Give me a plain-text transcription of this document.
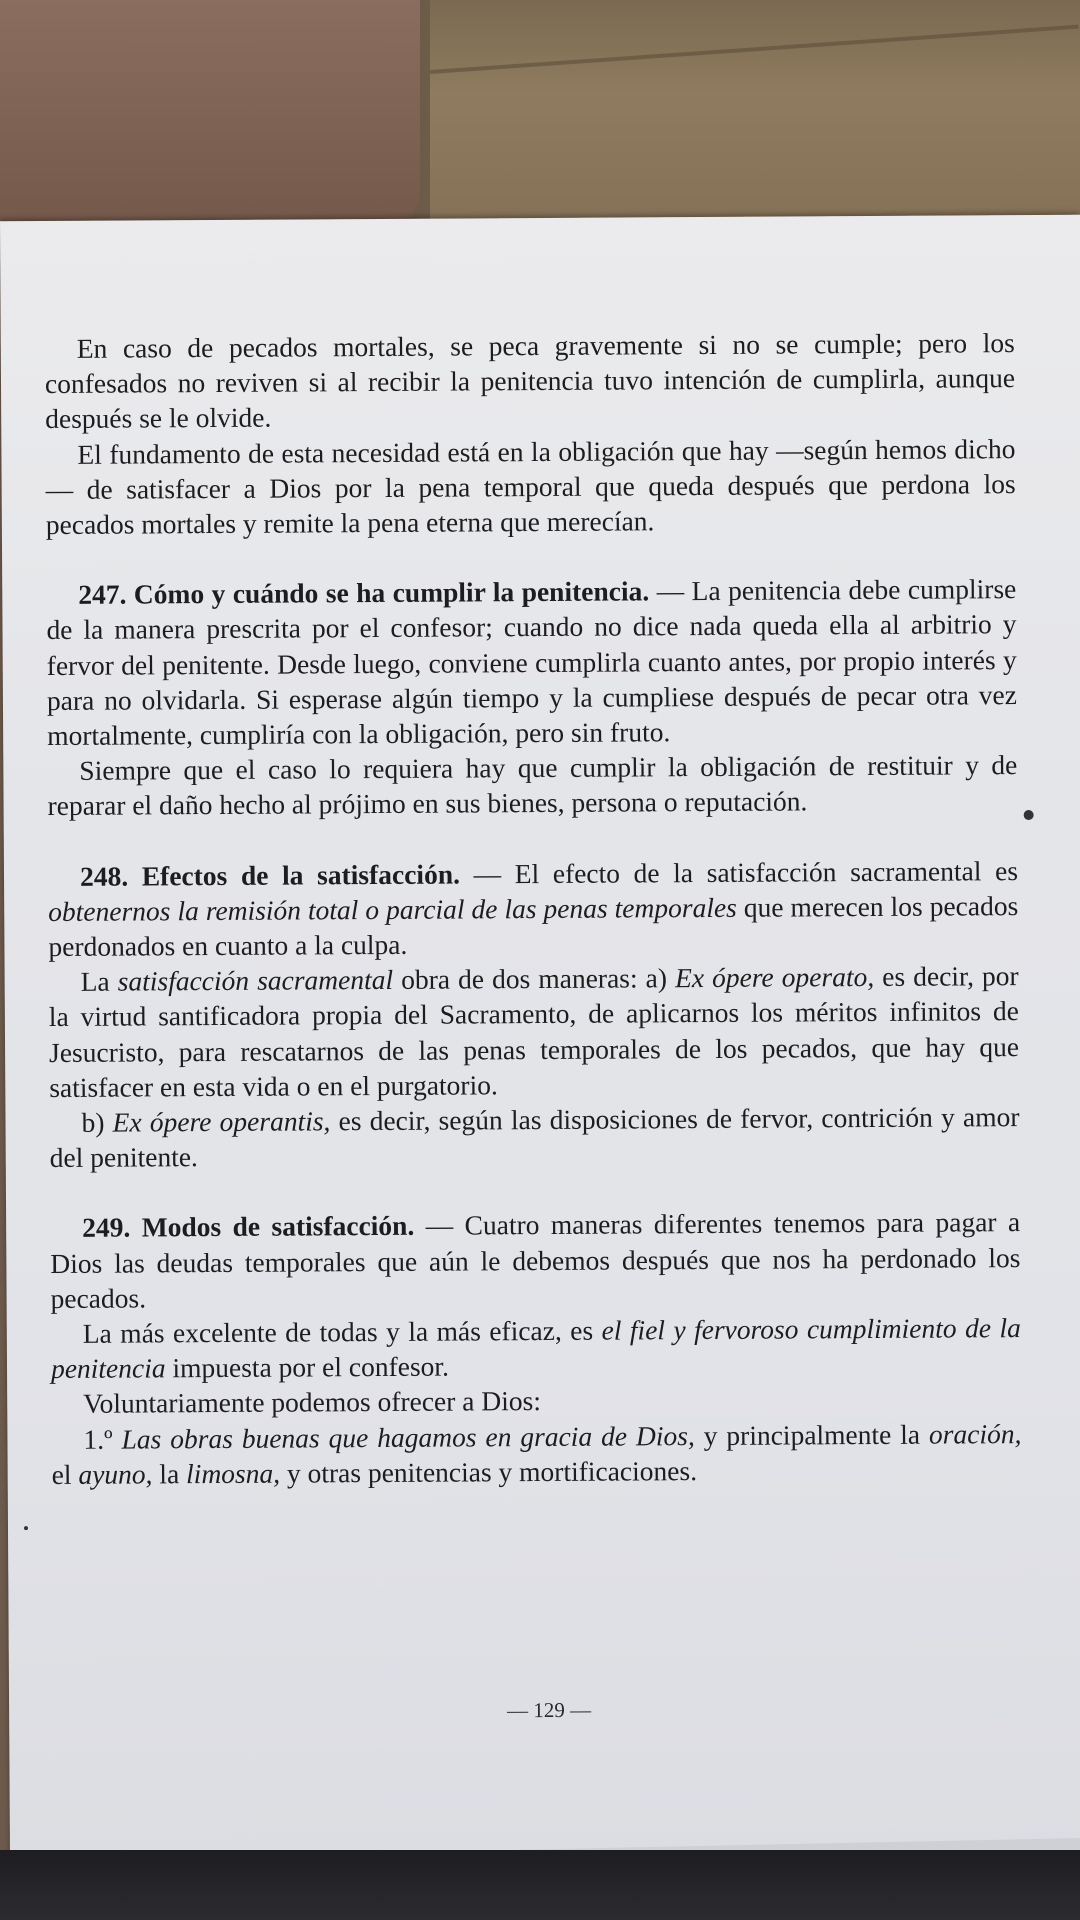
En caso de pecados mortales, se peca gravemente si no se cumple; pero los confesados no reviven si al recibir la penitencia tuvo intención de cumplirla, aunque después se le olvide.

El fundamento de esta necesidad está en la obligación que hay —según hemos dicho— de satisfacer a Dios por la pena temporal que queda después que perdona los pecados mortales y remite la pena eterna que merecían.

247. Cómo y cuándo se ha cumplir la penitencia. — La penitencia debe cumplirse de la manera prescrita por el confesor; cuando no dice nada queda ella al arbitrio y fervor del penitente. Desde luego, conviene cumplirla cuanto antes, por propio interés y para no olvidarla. Si esperase algún tiempo y la cumpliese después de pecar otra vez mortalmente, cumpliría con la obligación, pero sin fruto.

Siempre que el caso lo requiera hay que cumplir la obligación de restituir y de reparar el daño hecho al prójimo en sus bienes, persona o reputación.

248. Efectos de la satisfacción. — El efecto de la satisfacción sacramental es obtenernos la remisión total o parcial de las penas temporales que merecen los pecados perdonados en cuanto a la culpa.

La satisfacción sacramental obra de dos maneras: a) Ex ópere operato, es decir, por la virtud santificadora propia del Sacramento, de aplicarnos los méritos infinitos de Jesucristo, para rescatarnos de las penas temporales de los pecados, que hay que satisfacer en esta vida o en el purgatorio.

b) Ex ópere operantis, es decir, según las disposiciones de fervor, contrición y amor del penitente.

249. Modos de satisfacción. — Cuatro maneras diferentes tenemos para pagar a Dios las deudas temporales que aún le debemos después que nos ha perdonado los pecados.

La más excelente de todas y la más eficaz, es el fiel y fervoroso cumplimiento de la penitencia impuesta por el confesor.

Voluntariamente podemos ofrecer a Dios:

1.º Las obras buenas que hagamos en gracia de Dios, y principalmente la oración, el ayuno, la limosna, y otras penitencias y mortificaciones.

— 129 —
